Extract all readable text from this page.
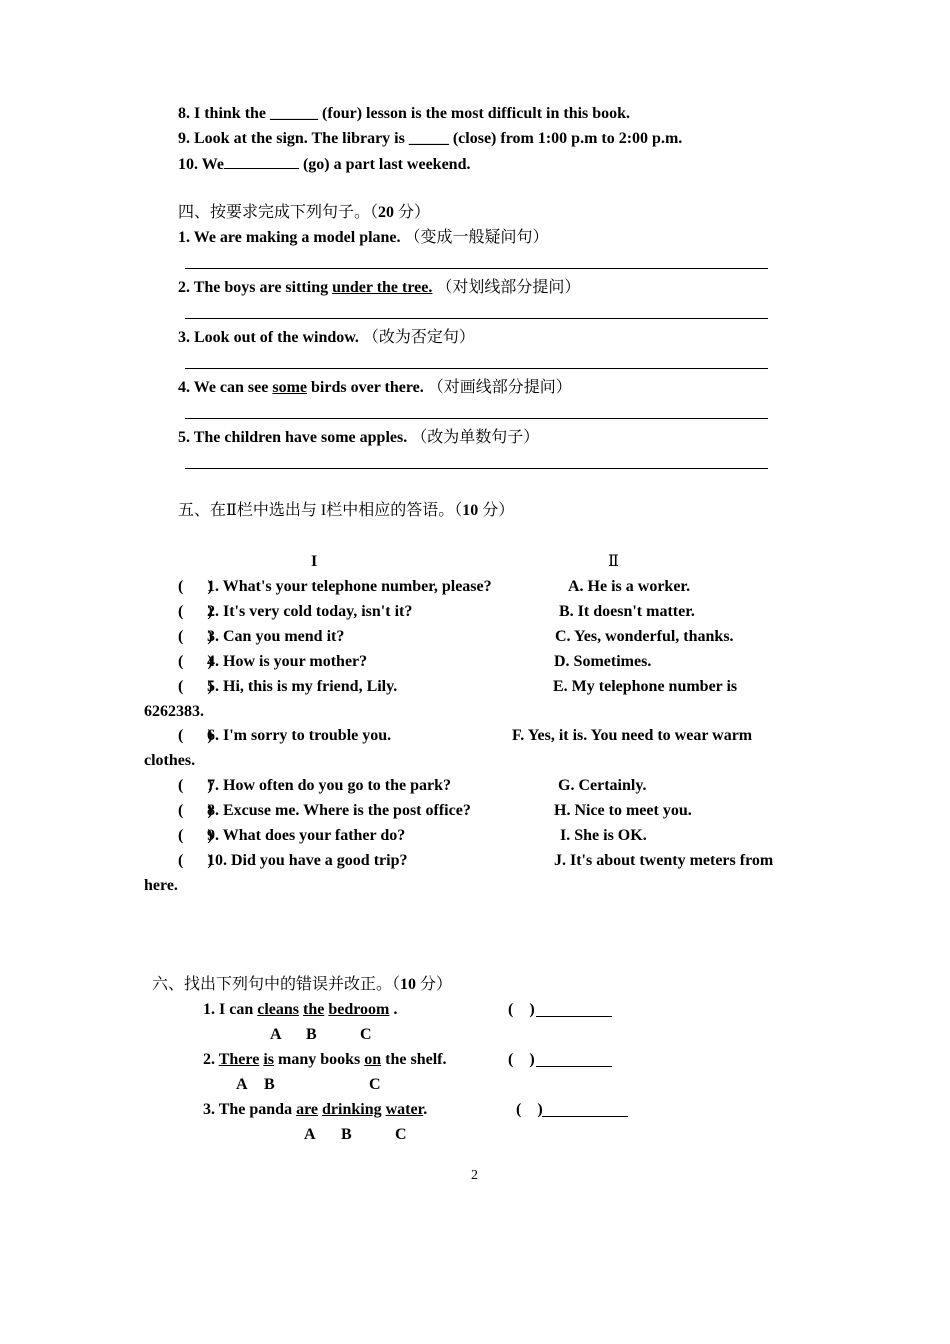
8. I think the ______ (four) lesson is the most difficult in this book.
9. Look at the sign. The library is _____ (close) from 1:00 p.m to 2:00 p.m.
10. We	(go) a part last weekend.
四、按要求完成下列句子。（20 分）
1. We are making a model plane. （变成一般疑问句）
2. The boys are sitting under the tree. （对划线部分提问）
3. Look out of the window. （改为否定句）
4. We can see some birds over there. （对画线部分提问）
5. The children have some apples. （改为单数句子）
五、在Ⅱ栏中选出与 I栏中相应的答语。（10 分）
I	Ⅱ
(      )
1. What's your telephone number, please?	A. He is a worker.
(      )
2. It's very cold today, isn't it?	B. It doesn't matter.
(      )
3. Can you mend it?	C. Yes, wonderful, thanks.
(      )
4. How is your mother?	D. Sometimes.
(      )
5. Hi, this is my friend, Lily.	E. My telephone number is
6262383.
(      )
6. I'm sorry to trouble you.	F. Yes, it is. You need to wear warm
clothes.
(      )
7. How often do you go to the park?	G. Certainly.
(      )
8. Excuse me. Where is the post office?	H. Nice to meet you.
(      )
9. What does your father do?	I. She is OK.
(      )
10. Did you have a good trip?	J. It's about twenty meters from
here.
六、找出下列句中的错误并改正。（10 分）
1. I can cleans the bedroom .	(    )
A B	C
2. There is many books on the shelf.	(    )
A B	C
3. The panda are drinking water.	(    )
A B	C
2
